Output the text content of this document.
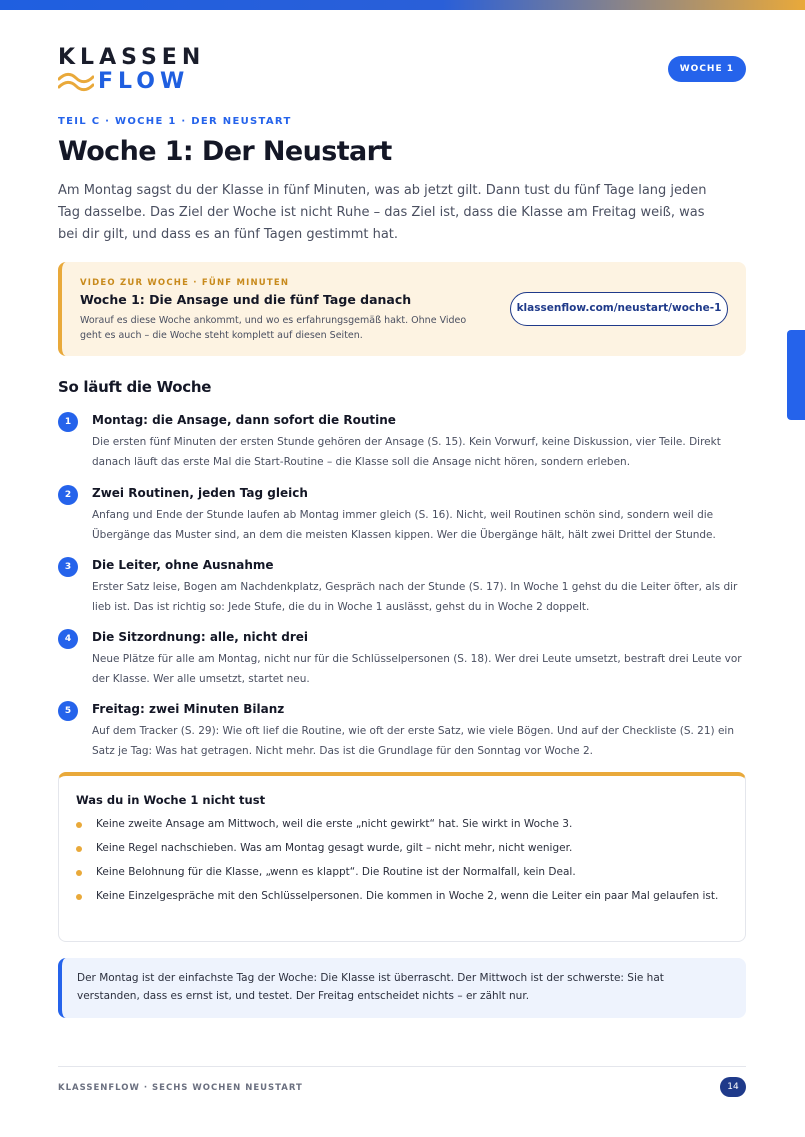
KLASSEN
FLOW	WOCHE 1
TEIL C · WOCHE 1 · DER NEUSTART
Woche 1: Der Neustart

Am Montag sagst du der Klasse in fünf Minuten, was ab jetzt gilt. Dann tust du fünf Tage lang jeden Tag dasselbe. Das Ziel der Woche ist nicht Ruhe – das Ziel ist, dass die Klasse am Freitag weiß, was bei dir gilt, und dass es an fünf Tagen gestimmt hat.

VIDEO ZUR WOCHE · FÜNF MINUTEN
Woche 1: Die Ansage und die fünf Tage danach
Worauf es diese Woche ankommt, und wo es erfahrungsgemäß hakt. Ohne Video geht es auch – die Woche steht komplett auf diesen Seiten.
klassenflow.com/neustart/woche-1
So läuft die Woche
1	Montag: die Ansage, dann sofort die Routine
Die ersten fünf Minuten der ersten Stunde gehören der Ansage (S. 15). Kein Vorwurf, keine Diskussion, vier Teile. Direkt danach läuft das erste Mal die Start-Routine – die Klasse soll die Ansage nicht hören, sondern erleben.
2	Zwei Routinen, jeden Tag gleich
Anfang und Ende der Stunde laufen ab Montag immer gleich (S. 16). Nicht, weil Routinen schön sind, sondern weil die Übergänge das Muster sind, an dem die meisten Klassen kippen. Wer die Übergänge hält, hält zwei Drittel der Stunde.
3	Die Leiter, ohne Ausnahme
Erster Satz leise, Bogen am Nachdenkplatz, Gespräch nach der Stunde (S. 17). In Woche 1 gehst du die Leiter öfter, als dir lieb ist. Das ist richtig so: Jede Stufe, die du in Woche 1 auslässt, gehst du in Woche 2 doppelt.
4	Die Sitzordnung: alle, nicht drei
Neue Plätze für alle am Montag, nicht nur für die Schlüsselpersonen (S. 18). Wer drei Leute umsetzt, bestraft drei Leute vor der Klasse. Wer alle umsetzt, startet neu.
5	Freitag: zwei Minuten Bilanz
Auf dem Tracker (S. 29): Wie oft lief die Routine, wie oft der erste Satz, wie viele Bögen. Und auf der Checkliste (S. 21) ein Satz je Tag: Was hat getragen. Nicht mehr. Das ist die Grundlage für den Sonntag vor Woche 2.
Was du in Woche 1 nicht tust
Keine zweite Ansage am Mittwoch, weil die erste „nicht gewirkt“ hat. Sie wirkt in Woche 3.
Keine Regel nachschieben. Was am Montag gesagt wurde, gilt – nicht mehr, nicht weniger.
Keine Belohnung für die Klasse, „wenn es klappt“. Die Routine ist der Normalfall, kein Deal.
Keine Einzelgespräche mit den Schlüsselpersonen. Die kommen in Woche 2, wenn die Leiter ein paar Mal gelaufen ist.

Der Montag ist der einfachste Tag der Woche: Die Klasse ist überrascht. Der Mittwoch ist der schwerste: Sie hat verstanden, dass es ernst ist, und testet. Der Freitag entscheidet nichts – er zählt nur.

KLASSENFLOW · SECHS WOCHEN NEUSTART	14
